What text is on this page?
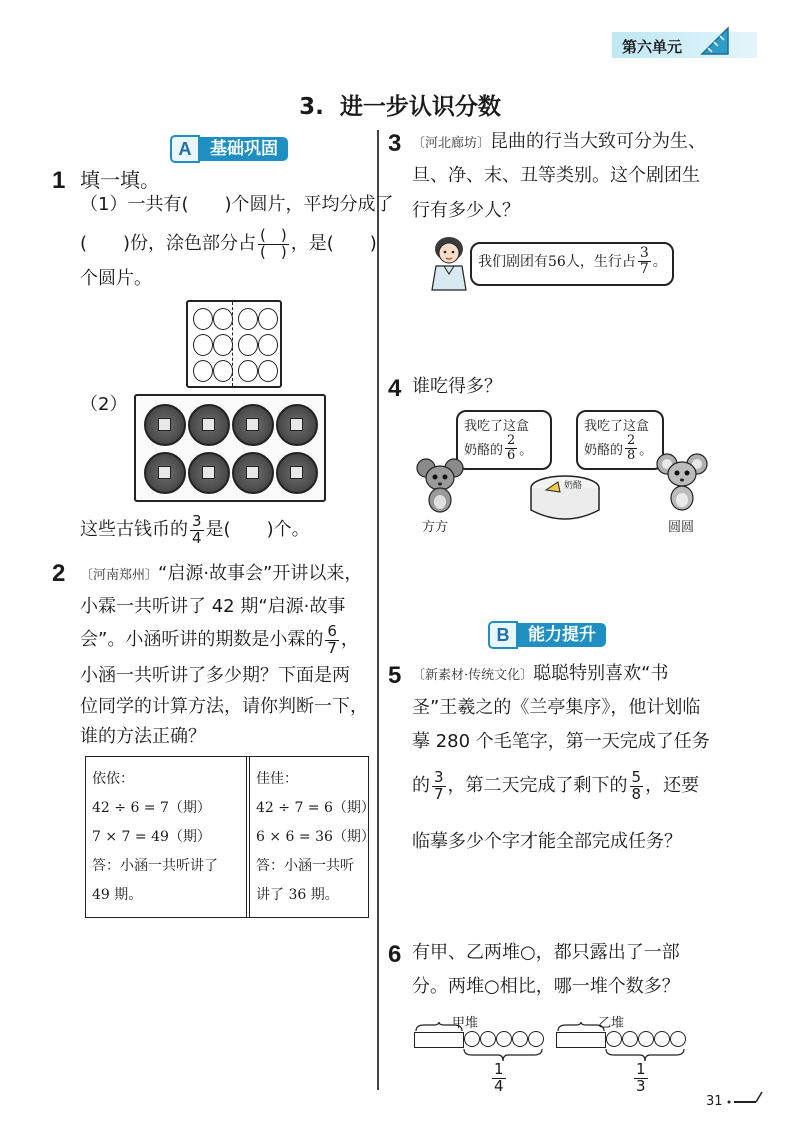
第六单元
3.  进一步认识分数
A	基础巩固
1 填一填。
（1）一共有(　　)个圆片，平均分成了
(　　)份，涂色部分占 $\frac{( )}{( )}$ ，是(　　)
个圆片。
（2）
这些古钱币的 $\frac{3}{4}$ 是(　　)个。
2 〔河南郑州〕“启源·故事会”开讲以来，
小霖一共听讲了 42 期“启源·故事
会”。小涵听讲的期数是小霖的 $\frac{6}{7}$ ，
小涵一共听讲了多少期？下面是两
位同学的计算方法，请你判断一下，
谁的方法正确？
依依：
42 ÷ 6 = 7（期）
7 × 7 = 49（期）
答：小涵一共听讲了
49 期。
佳佳：
42 ÷ 7 = 6（期）
6 × 6 = 36（期）
答：小涵一共听
讲了 36 期。
3 〔河北廊坊〕昆曲的行当大致可分为生、
旦、净、末、丑等类别。这个剧团生
行有多少人？
我们剧团有56人，生行占 $\frac{3}{7}$ 。
4 谁吃得多？
我吃了这盒
奶酪的 $\frac{2}{6}$ 。
我吃了这盒
奶酪的 $\frac{2}{8}$ 。
方方
奶酪
圆圆
B	能力提升
5 〔新素材·传统文化〕聪聪特别喜欢“书
圣”王羲之的《兰亭集序》，他计划临
摹 280 个毛笔字，第一天完成了任务
的 $\frac{3}{7}$ ，第二天完成了剩下的 $\frac{5}{8}$ ，还要
临摹多少个字才能全部完成任务？
6 有甲、乙两堆○，都只露出了一部
分。两堆○相比，哪一堆个数多？
甲堆
$\frac{1}{4}$
乙堆
$\frac{1}{3}$
31
